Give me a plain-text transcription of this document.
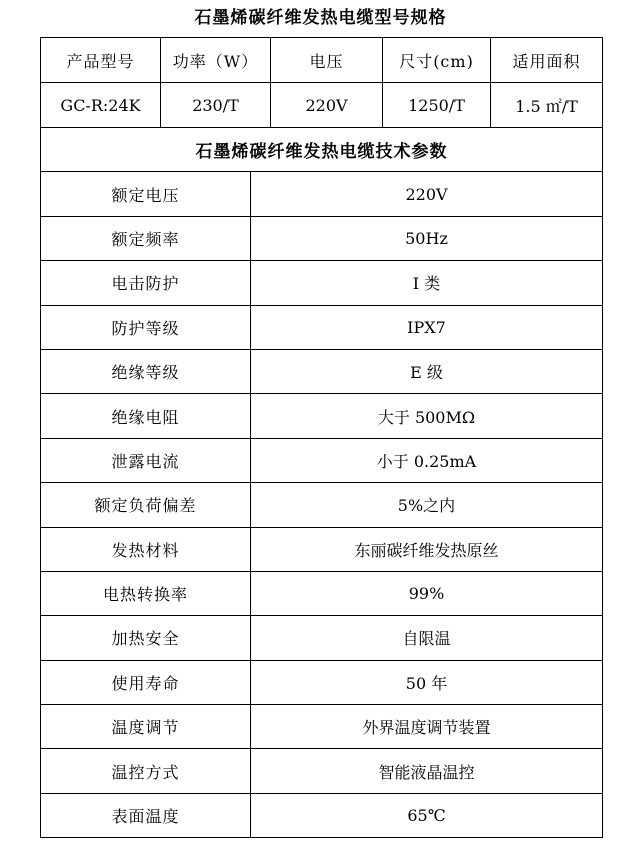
石墨烯碳纤维发热电缆型号规格
产品型号	功率（W）	电压	尺寸(cm)	适用面积
GC-R:24K	230/T	220V	1250/T	1.5 ㎡/T
石墨烯碳纤维发热电缆技术参数	
额定电压	220V
额定频率	50Hz
电击防护	I 类
防护等级	IPX7
绝缘等级	E 级
绝缘电阻	大于 500MΩ
泄露电流	小于 0.25mA
额定负荷偏差	5%之内
发热材料	东丽碳纤维发热原丝
电热转换率	99%
加热安全	自限温
使用寿命	50 年
温度调节	外界温度调节装置
温控方式	智能液晶温控
表面温度	65℃
